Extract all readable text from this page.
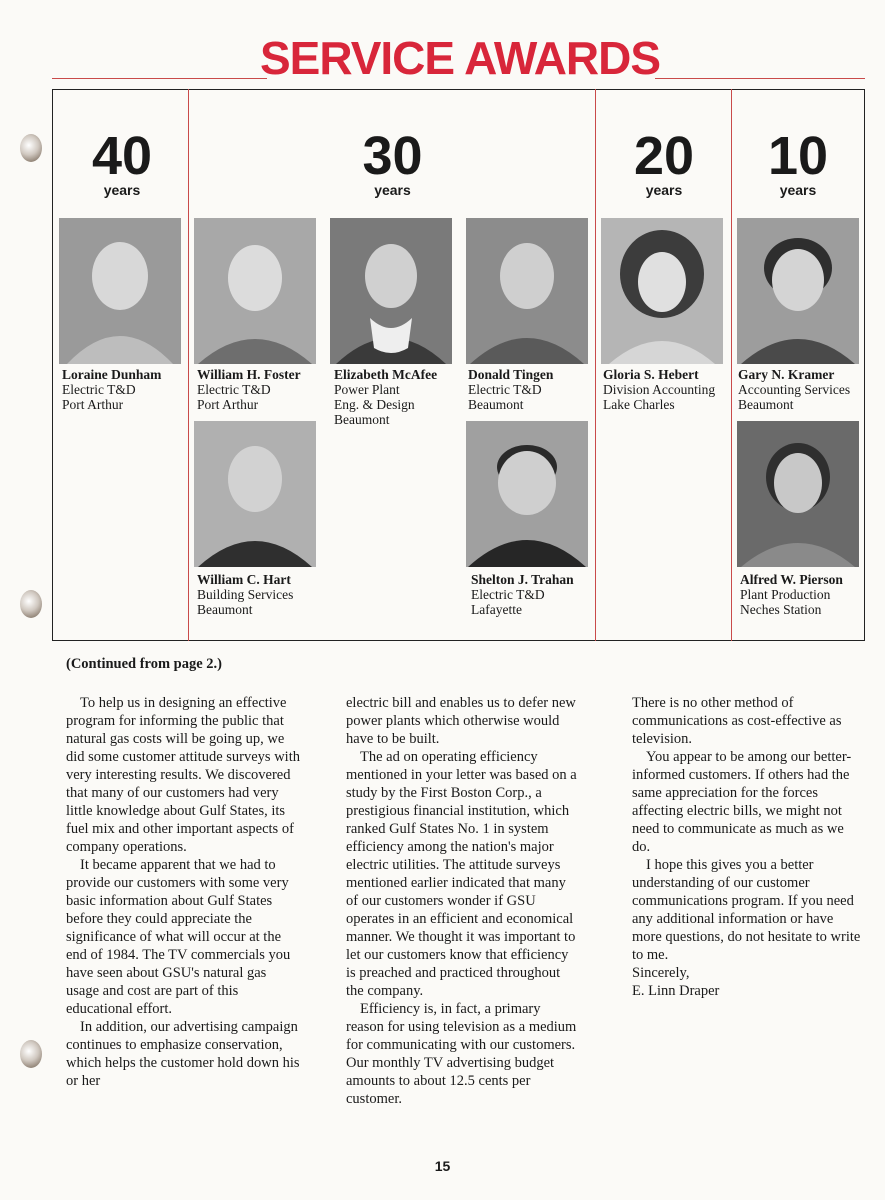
SERVICE AWARDS
40
years
30
years
20
years
10
years
Loraine Dunham
Electric T&D
Port Arthur
William H. Foster
Electric T&D
Port Arthur
Elizabeth McAfee
Power Plant
Eng. & Design
Beaumont
Donald Tingen
Electric T&D
Beaumont
Gloria S. Hebert
Division Accounting
Lake Charles
Gary N. Kramer
Accounting Services
Beaumont
William C. Hart
Building Services
Beaumont
Shelton J. Trahan
Electric T&D
Lafayette
Alfred W. Pierson
Plant Production
Neches Station
(Continued from page 2.)

To help us in designing an effective program for informing the public that natural gas costs will be going up, we did some customer attitude surveys with very interesting results. We discovered that many of our customers had very little knowledge about Gulf States, its fuel mix and other important aspects of company operations.

It became apparent that we had to provide our customers with some very basic information about Gulf States before they could appreciate the significance of what will occur at the end of 1984. The TV commercials you have seen about GSU's natural gas usage and cost are part of this educational effort.

In addition, our advertising campaign continues to emphasize conservation, which helps the customer hold down his or her

electric bill and enables us to defer new power plants which otherwise would have to be built.

The ad on operating efficiency mentioned in your letter was based on a study by the First Boston Corp., a prestigious financial institution, which ranked Gulf States No. 1 in system efficiency among the nation's major electric utilities. The attitude surveys mentioned earlier indicated that many of our customers wonder if GSU operates in an efficient and economical manner. We thought it was important to let our customers know that efficiency is preached and practiced throughout the company.

Efficiency is, in fact, a primary reason for using television as a medium for communicating with our customers. Our monthly TV advertising budget amounts to about 12.5 cents per customer.

There is no other method of communications as cost-effective as television.

You appear to be among our better-informed customers. If others had the same appreciation for the forces affecting electric bills, we might not need to communicate as much as we do.

I hope this gives you a better understanding of our customer communications program. If you need any additional information or have more questions, do not hesitate to write to me.

Sincerely,

E. Linn Draper

15
